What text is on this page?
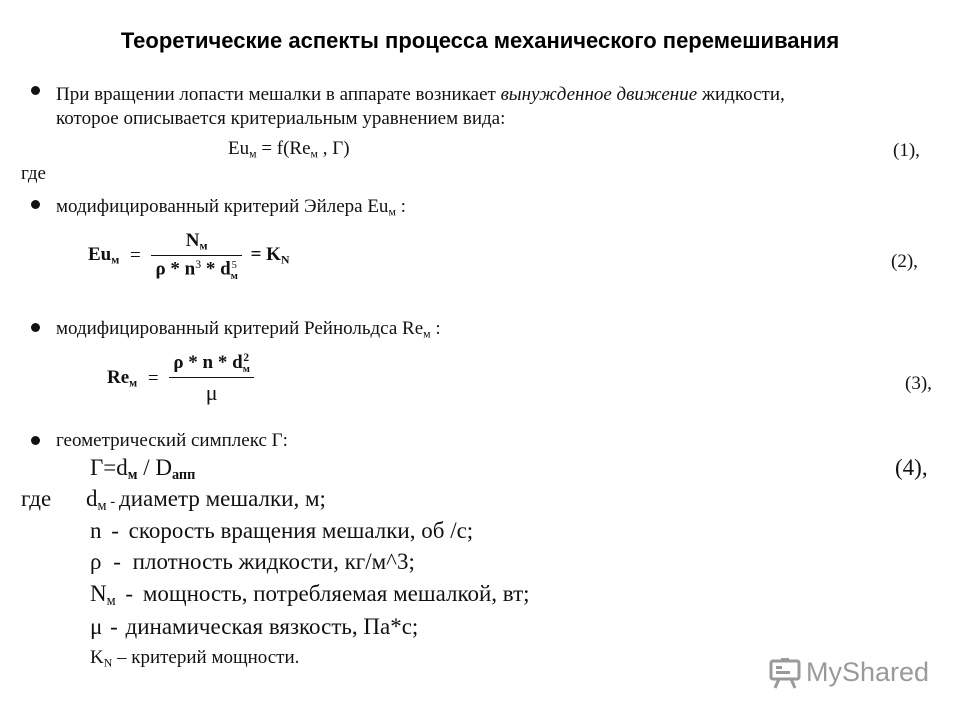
Теоретические аспекты процесса механического перемешивания
При вращении лопасти мешалки в аппарате возникает вынужденное движение жидкости,
которое описывается критериальным уравнением вида:
$Eu_м = f(Re_м$ , Г)	(1),
где
модифицированный критерий Эйлера $Eu_м$ :
$Eu_м = N_м$
ρ * $n^3$ * d 5
$м = K_N$	(2),
модифицированный критерий Рейнольдса $Re_м$ :
$Re_м = \rho * n * d$ 2
м
μ	(3),
геометрический симплекс Г:
$Г=d_м / D_{апп}$	(4),
где $d_м$ - диаметр мешалки, м;
n - скорость вращения мешалки, об /с;
ρ - плотность жидкости, кг/м^3;
$N_м$ - мощность, потребляемая мешалкой, вт;
μ - динамическая вязкость, Па*с;
$K_N$ – критерий мощности.	MyShared
